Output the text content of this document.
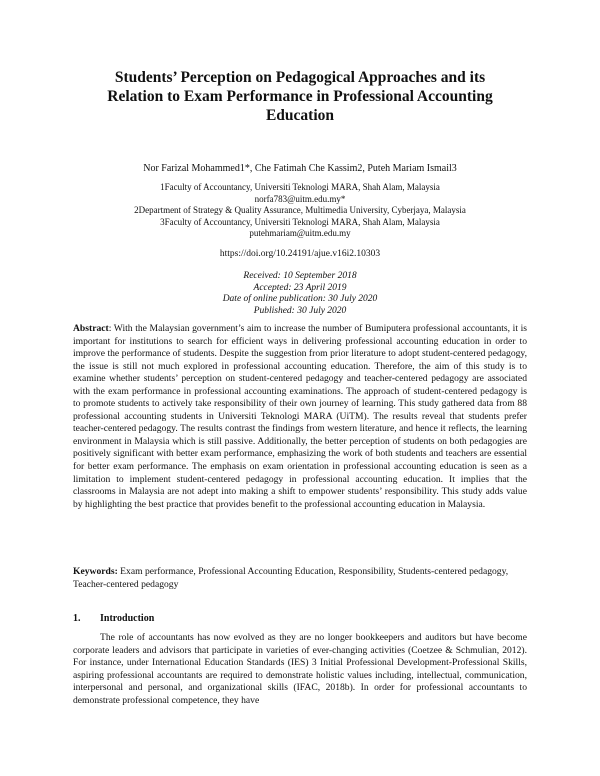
Students’ Perception on Pedagogical Approaches and its
Relation to Exam Performance in Professional Accounting
Education
Nor Farizal Mohammed1*, Che Fatimah Che Kassim2, Puteh Mariam Ismail3
1Faculty of Accountancy, Universiti Teknologi MARA, Shah Alam, Malaysia
norfa783@uitm.edu.my*
2Department of Strategy & Quality Assurance, Multimedia University, Cyberjaya, Malaysia
3Faculty of Accountancy, Universiti Teknologi MARA, Shah Alam, Malaysia
putehmariam@uitm.edu.my
https://doi.org/10.24191/ajue.v16i2.10303
Received: 10 September 2018
Accepted: 23 April 2019
Date of online publication: 30 July 2020
Published: 30 July 2020
Abstract: With the Malaysian government’s aim to increase the number of Bumiputera professional accountants, it is important for institutions to search for efficient ways in delivering professional accounting education in order to improve the performance of students. Despite the suggestion from prior literature to adopt student-centered pedagogy, the issue is still not much explored in professional accounting education. Therefore, the aim of this study is to examine whether students’ perception on student-centered pedagogy and teacher-centered pedagogy are associated with the exam performance in professional accounting examinations. The approach of student-centered pedagogy is to promote students to actively take responsibility of their own journey of learning. This study gathered data from 88 professional accounting students in Universiti Teknologi MARA (UiTM). The results reveal that students prefer teacher-centered pedagogy. The results contrast the findings from western literature, and hence it reflects, the learning environment in Malaysia which is still passive. Additionally, the better perception of students on both pedagogies are positively significant with better exam performance, emphasizing the work of both students and teachers are essential for better exam performance. The emphasis on exam orientation in professional accounting education is seen as a limitation to implement student-centered pedagogy in professional accounting education. It implies that the classrooms in Malaysia are not adept into making a shift to empower students’ responsibility. This study adds value by highlighting the best practice that provides benefit to the professional accounting education in Malaysia.
Keywords: Exam performance, Professional Accounting Education, Responsibility, Students-centered pedagogy, Teacher-centered pedagogy
1. Introduction
The role of accountants has now evolved as they are no longer bookkeepers and auditors but have become corporate leaders and advisors that participate in varieties of ever-changing activities (Coetzee & Schmulian, 2012). For instance, under International Education Standards (IES) 3 Initial Professional Development-Professional Skills, aspiring professional accountants are required to demonstrate holistic values including, intellectual, communication, interpersonal and personal, and organizational skills (IFAC, 2018b). In order for professional accountants to demonstrate professional competence, they have
